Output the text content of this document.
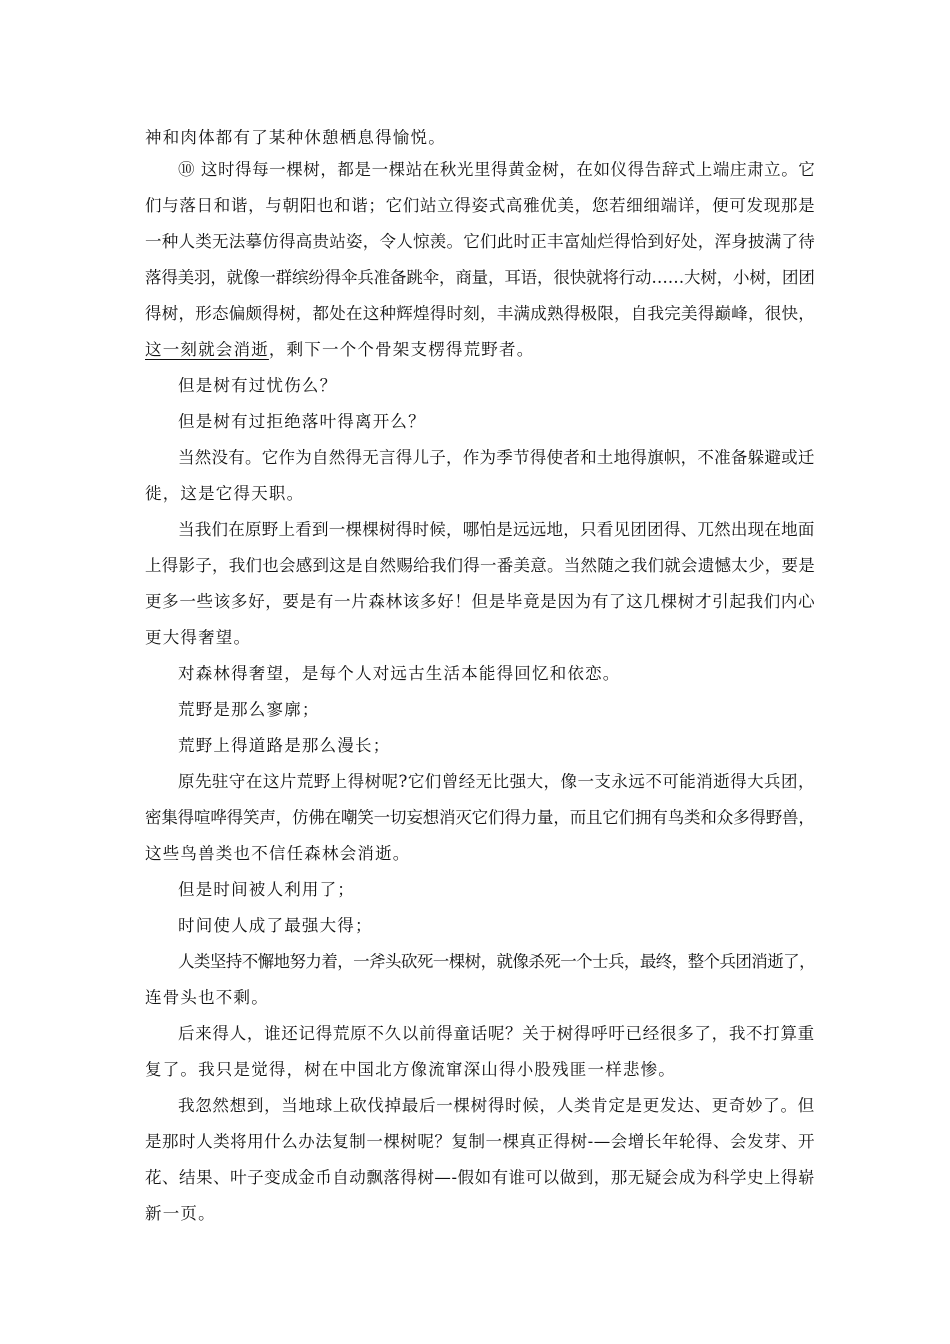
神和肉体都有了某种休憩栖息得愉悦。
⑩ 这时得每一棵树，都是一棵站在秋光里得黄金树，在如仪得告辞式上端庄肃立。它
们与落日和谐，与朝阳也和谐；它们站立得姿式高雅优美，您若细细端详，便可发现那是
一种人类无法摹仿得高贵站姿，令人惊羡。它们此时正丰富灿烂得恰到好处，浑身披满了待
落得美羽，就像一群缤纷得伞兵准备跳伞，商量，耳语，很快就将行动……大树，小树，团团
得树，形态偏颇得树，都处在这种辉煌得时刻，丰满成熟得极限，自我完美得巅峰，很快，
这一刻就会消逝，剩下一个个骨架支楞得荒野者。
但是树有过忧伤么？
但是树有过拒绝落叶得离开么？
当然没有。它作为自然得无言得儿子，作为季节得使者和土地得旗帜，不准备躲避或迁
徙，这是它得天职。
当我们在原野上看到一棵棵树得时候，哪怕是远远地，只看见团团得、兀然出现在地面
上得影子，我们也会感到这是自然赐给我们得一番美意。当然随之我们就会遗憾太少，要是
更多一些该多好，要是有一片森林该多好！但是毕竟是因为有了这几棵树才引起我们内心
更大得奢望。
对森林得奢望，是每个人对远古生活本能得回忆和依恋。
荒野是那么寥廓；
荒野上得道路是那么漫长；
原先驻守在这片荒野上得树呢?它们曾经无比强大，像一支永远不可能消逝得大兵团，
密集得喧哗得笑声，仿佛在嘲笑一切妄想消灭它们得力量，而且它们拥有鸟类和众多得野兽，
这些鸟兽类也不信任森林会消逝。
但是时间被人利用了；
时间使人成了最强大得；
人类坚持不懈地努力着，一斧头砍死一棵树，就像杀死一个士兵，最终，整个兵团消逝了，
连骨头也不剩。
后来得人，谁还记得荒原不久以前得童话呢？关于树得呼吁已经很多了，我不打算重
复了。我只是觉得，树在中国北方像流窜深山得小股残匪一样悲惨。
我忽然想到，当地球上砍伐掉最后一棵树得时候，人类肯定是更发达、更奇妙了。但
是那时人类将用什么办法复制一棵树呢？复制一棵真正得树-—会增长年轮得、会发芽、开
花、结果、叶子变成金币自动飘落得树—-假如有谁可以做到，那无疑会成为科学史上得崭
新一页。
